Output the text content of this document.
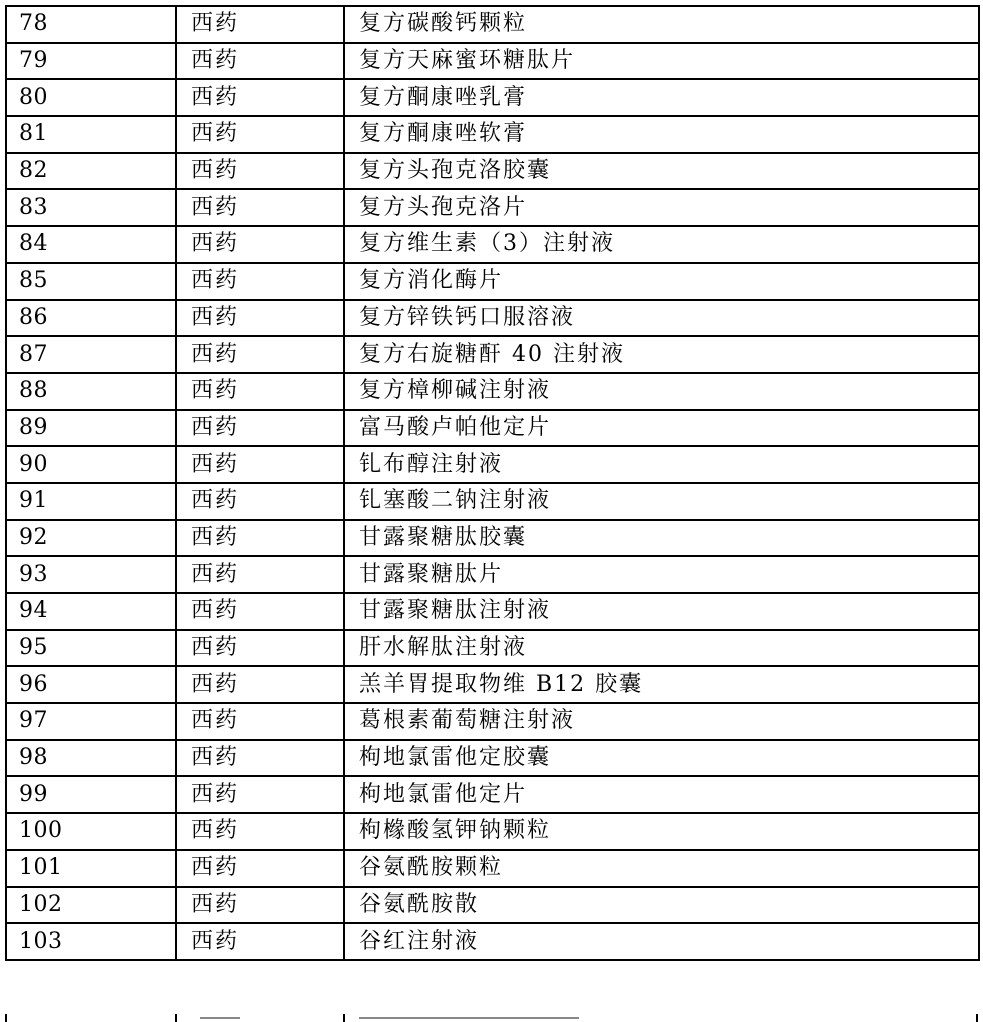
78	西药	复方碳酸钙颗粒
79	西药	复方天麻蜜环糖肽片
80	西药	复方酮康唑乳膏
81	西药	复方酮康唑软膏
82	西药	复方头孢克洛胶囊
83	西药	复方头孢克洛片
84	西药	复方维生素（3）注射液
85	西药	复方消化酶片
86	西药	复方锌铁钙口服溶液
87	西药	复方右旋糖酐 40 注射液
88	西药	复方樟柳碱注射液
89	西药	富马酸卢帕他定片
90	西药	钆布醇注射液
91	西药	钆塞酸二钠注射液
92	西药	甘露聚糖肽胶囊
93	西药	甘露聚糖肽片
94	西药	甘露聚糖肽注射液
95	西药	肝水解肽注射液
96	西药	羔羊胃提取物维 B12 胶囊
97	西药	葛根素葡萄糖注射液
98	西药	枸地氯雷他定胶囊
99	西药	枸地氯雷他定片
100	西药	枸橼酸氢钾钠颗粒
101	西药	谷氨酰胺颗粒
102	西药	谷氨酰胺散
103	西药	谷红注射液
